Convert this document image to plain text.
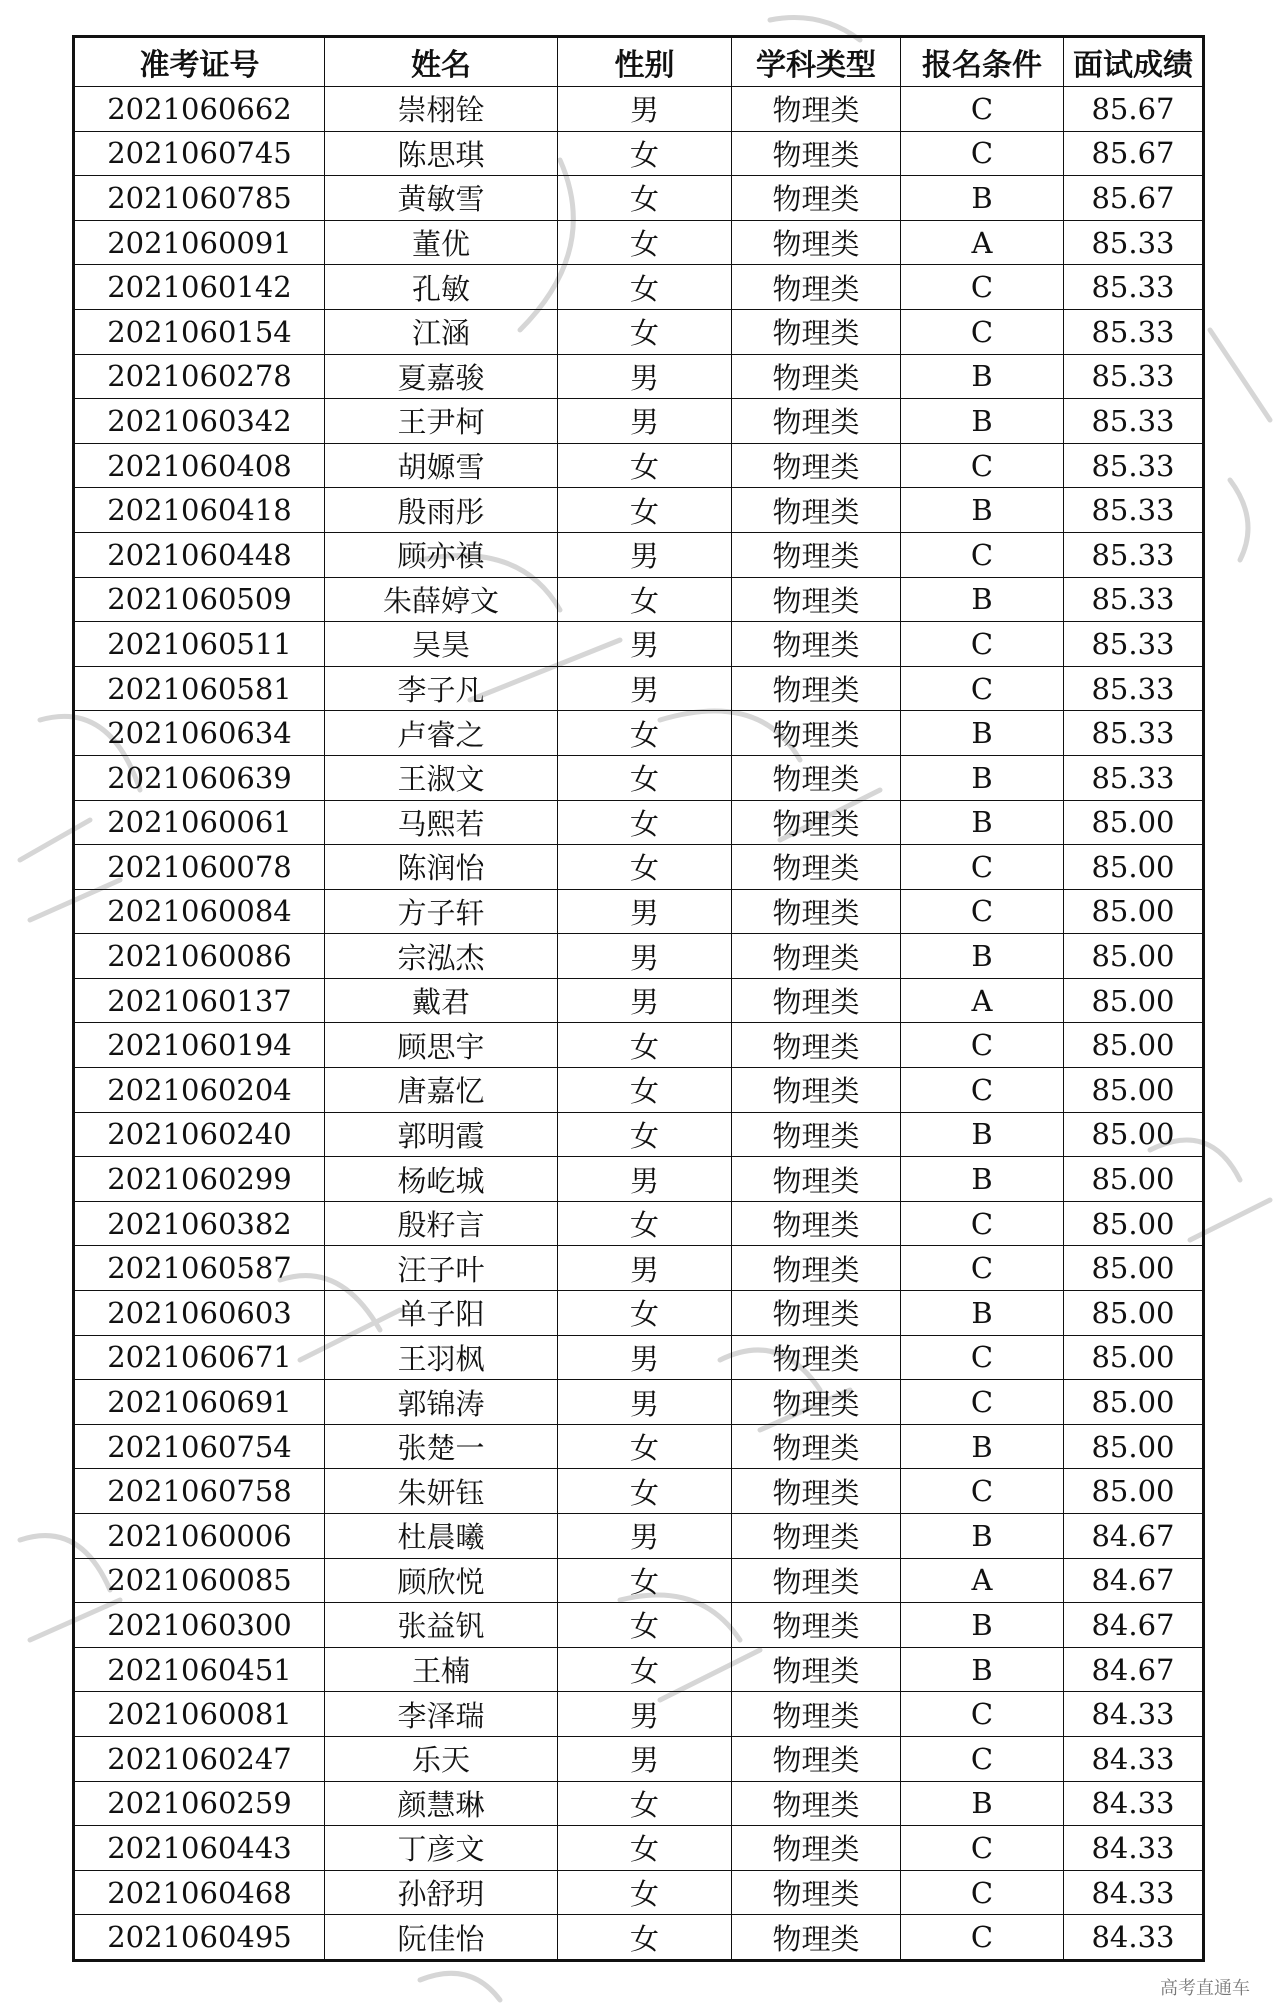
准考证号	姓名	性别	学科类型	报名条件	面试成绩
2021060662	崇栩铨	男	物理类	C	85.67
2021060745	陈思琪	女	物理类	C	85.67
2021060785	黄敏雪	女	物理类	B	85.67
2021060091	董优	女	物理类	A	85.33
2021060142	孔敏	女	物理类	C	85.33
2021060154	江涵	女	物理类	C	85.33
2021060278	夏嘉骏	男	物理类	B	85.33
2021060342	王尹柯	男	物理类	B	85.33
2021060408	胡嫄雪	女	物理类	C	85.33
2021060418	殷雨彤	女	物理类	B	85.33
2021060448	顾亦禛	男	物理类	C	85.33
2021060509	朱薛婷文	女	物理类	B	85.33
2021060511	吴昊	男	物理类	C	85.33
2021060581	李子凡	男	物理类	C	85.33
2021060634	卢睿之	女	物理类	B	85.33
2021060639	王淑文	女	物理类	B	85.33
2021060061	马熙若	女	物理类	B	85.00
2021060078	陈润怡	女	物理类	C	85.00
2021060084	方子轩	男	物理类	C	85.00
2021060086	宗泓杰	男	物理类	B	85.00
2021060137	戴君	男	物理类	A	85.00
2021060194	顾思宇	女	物理类	C	85.00
2021060204	唐嘉忆	女	物理类	C	85.00
2021060240	郭明霞	女	物理类	B	85.00
2021060299	杨屹城	男	物理类	B	85.00
2021060382	殷籽言	女	物理类	C	85.00
2021060587	汪子叶	男	物理类	C	85.00
2021060603	单子阳	女	物理类	B	85.00
2021060671	王羽枫	男	物理类	C	85.00
2021060691	郭锦涛	男	物理类	C	85.00
2021060754	张楚一	女	物理类	B	85.00
2021060758	朱妍钰	女	物理类	C	85.00
2021060006	杜晨曦	男	物理类	B	84.67
2021060085	顾欣悦	女	物理类	A	84.67
2021060300	张益钒	女	物理类	B	84.67
2021060451	王楠	女	物理类	B	84.67
2021060081	李泽瑞	男	物理类	C	84.33
2021060247	乐天	男	物理类	C	84.33
2021060259	颜慧琳	女	物理类	B	84.33
2021060443	丁彦文	女	物理类	C	84.33
2021060468	孙舒玥	女	物理类	C	84.33
2021060495	阮佳怡	女	物理类	C	84.33
高考直通车
